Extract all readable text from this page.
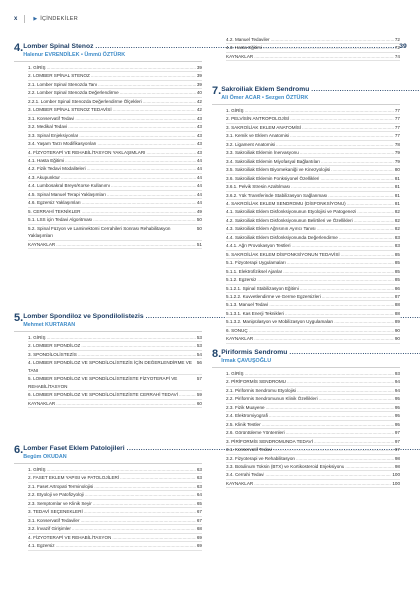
x	▶ İÇİNDEKİLER
4. Lomber Spinal Stenoz .....	39
Halenur EVRENDİLEK • Ümmü ÖZTÜRK
1. GİRİŞ .....	39
2. LOMBER SPİNAL STENOZ .....	39
2.1. Lomber Spinal Stenozda Tanı .....	39
2.2. Lomber Spinal Stenozda Değerlendirme .....	40
2.2.1. Lomber Spinal Stenozda Değerlendirme Ölçekleri .....	42
3. LOMBER SPİNAL STENOZ TEDAVİSİ .....	42
3.1. Konservatif Tedavi .....	43
3.2. Medikal Tedavi .....	43
3.3. Spinal Enjeksiyonlar .....	43
3.4. Yaşam Tarzı Modifikasyonları .....	43
4. FİZYOTERAPİ VE REHABİLİTASYON YAKLAŞIMLARI .....	43
4.1. Hasta Eğitimi .....	44
4.2. Fizik Tedavi Modaliteleri .....	44
4.3. Akupunktur .....	44
4.4. Lumbosakral Breys/Korse Kullanımı .....	44
4.5. Spinal Manuel Terapi Yaklaşımları .....	44
4.6. Egzersiz Yaklaşımları .....	44
5. CERRAHİ TEKNİKLER .....	49
5.1. LSS için Tedavi Algoritması .....	50
5.2. Spinal Füzyon ve Laminektomi Cerrahileri Sonrası Rehabilitasyon Yaklaşımları
50
KAYNAKLAR .....	51
5. Lomber Spondiloz ve Spondilolistezis
.....
Mehmet KURTARAN
1. GİRİŞ .....	53
2. LOMBER SPONDİLOZ .....	53
3. SPONDİLOLİSTEZİS .....	54
4. LOMBER SPONDİLOZ VE SPONDİLOLİSTEZİS İÇİN DEĞERLENDİRME VE TANI
56
5. LOMBER SPONDİLOZ VE SPONDİLOLİSTEZİSTE FİZYOTERAPİ VE REHABİLİTASYON
57
6. LOMBER SPONDİLOZ VE SPONDİLOLİSTEZİSTE CERRAHİ TEDAVİ .....	59
KAYNAKLAR .....	60
6. Lomber Faset Eklem Patolojileri
.....
Begüm OKUDAN
1. GİRİŞ .....	63
2. FASET EKLEM YAPISI ve PATOLOJİLERİ .....	63
2.1. Faset Artropati Terminolojisi .....	63
2.2. Etyoloji ve Patofizyoloji .....	64
2.3. Semptomlar ve Klinik Seyir .....	65
3. TEDAVİ SEÇENEKLERİ .....	67
3.1. Konservatif Tedaviler .....	67
3.2. İnvazif Girişimler .....	68
4. FİZYOTERAPİ VE REHABİLİTASYON .....	69
4.1. Egzersiz .....	69
4.2. Manuel Tedaviler .....	72
4.3. Hasta Eğitimi .....	72
KAYNAKLAR .....	74
7. Sakroiliak Eklem Sendromu
.....
Ali Ömer ACAR • Sezgen ÖZTÜRK
1. GİRİŞ .....	77
2. PELVİSİN ANTROPOLOJİSİ .....	77
3. SAKROİLİAK EKLEM ANATOMİSİ .....	77
3.1. Kemik ve Eklem Anatomisi .....	77
3.2. Ligament Anatomisi .....	78
3.3. Sakroiliak Eklemin İnervasyonu .....	79
3.4. Sakroiliak Eklemin Miyofasyal Bağlantıları .....	79
3.5. Sakroiliak Eklem Biyomekaniği ve Kinezyolojisi .....	80
3.6. Sakroiliak Eklemin Fonksiyonel Özellikleri .....	81
3.6.1. Pelvik Stresin Azaltılması .....	81
3.6.2. Yük Transferinde Stabilizasyon Sağlanması .....	81
4. SAKROİLİAK EKLEM SENDROMU (DİSFONKSİYONU) .....	81
4.1. Sakroiliak Eklem Disfonksiyonunun Etyolojisi ve Patogenezi .....	82
4.2. Sakroiliak Eklem Disfonksiyonunun Belirtileri ve Özellikleri .....	82
4.3. Sakroiliak Eklem Ağrısının Ayırıcı Tanısı .....	82
4.4. Sakroiliak Eklem Disfonksiyonunda Değerlendirme .....	83
4.4.1. Ağrı Provokasyon Testleri .....	83
5. SAKROİLİAK EKLEM DİSFONKSİYONUN TEDAVİSİ .....	85
5.1. Fizyoterapi Uygulamaları .....	85
5.1.1. Elektrofiziksel Ajanlar .....	85
5.1.2. Egzersiz .....	85
5.1.2.1. Spinal Stabilizasyon Eğitimi .....	86
5.1.2.2. Kuvvetlendirme ve Germe Egzersizleri .....	87
5.1.3. Manuel Tedavi .....	88
5.1.3.1. Kas Enerji Teknikleri .....	88
5.1.3.2. Manipülasyon ve Mobilizasyon Uygulamaları .....	89
6. SONUÇ .....	90
KAYNAKLAR .....	90
8. Piriformis Sendromu
.....
Irmak ÇAVUŞOĞLU
1. GİRİŞ .....	93
2. PİRİFORMİS SENDROMU .....	94
2.1. Piriformis Sendromu Etyolojisi .....	94
2.2. Piriformis Sendromunun Klinik Özellikleri .....	95
2.3. Fizik Muayene .....	95
2.4. Elektromiyografi .....	95
2.5. Klinik Testler .....	95
2.6. Görüntüleme Yöntemleri .....	97
3. PİRİFORMİS SENDROMUNDA TEDAVİ .....	97
3.1. Konservatif Tedavi .....	97
3.2. Fizyoterapi ve Rehabilitasyon .....	98
3.3. Botulinum Toksin (BTX) ve Kortikosteroid Enjeksiyonu .....	98
3.4. Cerrahi Tedavi .....	100
KAYNAKLAR .....	100
